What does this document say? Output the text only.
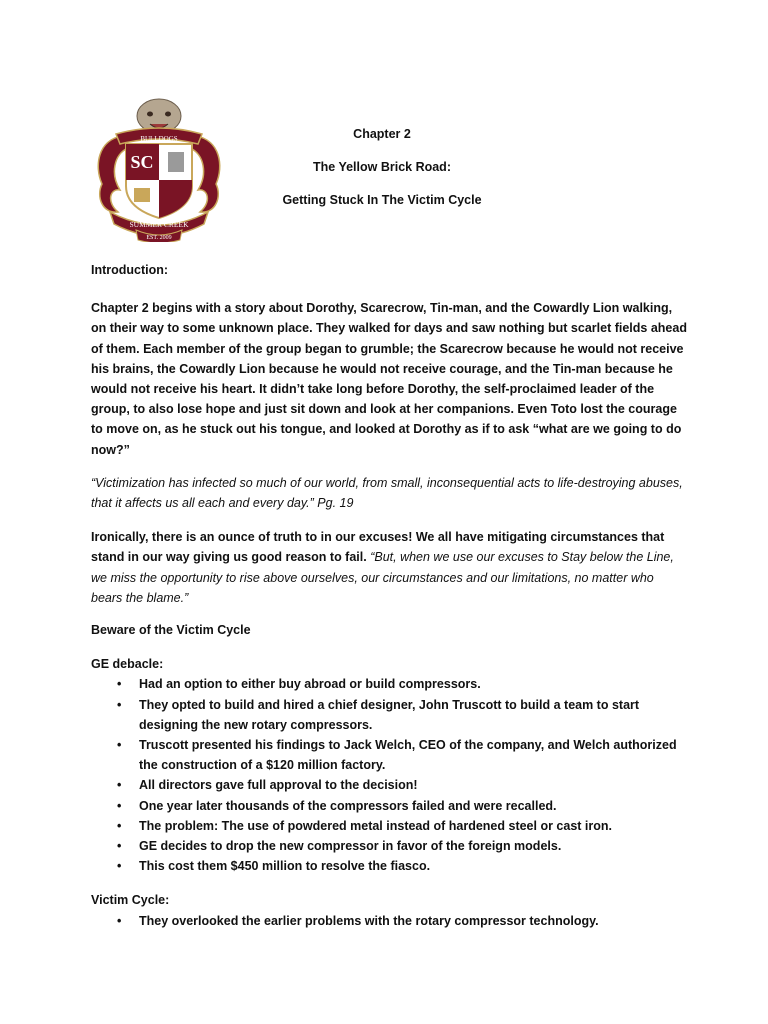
BULLDOGS
SC
SUMMER CREEK
EST. 2009
Chapter 2
The Yellow Brick Road:
Getting Stuck In The Victim Cycle

Introduction:

Chapter 2 begins with a story about Dorothy, Scarecrow, Tin-man, and the Cowardly Lion walking, on their way to some unknown place. They walked for days and saw nothing but scarlet fields ahead of them. Each member of the group began to grumble; the Scarecrow because he would not receive his brains, the Cowardly Lion because he would not receive courage, and the Tin-man because he would not receive his heart. It didn’t take long before Dorothy, the self-proclaimed leader of the group, to also lose hope and just sit down and look at her companions. Even Toto lost the courage to move on, as he stuck out his tongue, and looked at Dorothy as if to ask “what are we going to do now?”

“Victimization has infected so much of our world, from small, inconsequential acts to life-destroying abuses, that it affects us all each and every day.” Pg. 19

Ironically, there is an ounce of truth to in our excuses! We all have mitigating circumstances that stand in our way giving us good reason to fail. “But, when we use our excuses to Stay below the Line, we miss the opportunity to rise above ourselves, our circumstances and our limitations, no matter who bears the blame.”

Beware of the Victim Cycle

GE debacle:

• Had an option to either buy abroad or build compressors.
• They opted to build and hired a chief designer, John Truscott to build a team to start designing the new rotary compressors.
• Truscott presented his findings to Jack Welch, CEO of the company, and Welch authorized the construction of a $120 million factory.
• All directors gave full approval to the decision!
• One year later thousands of the compressors failed and were recalled.
• The problem: The use of powdered metal instead of hardened steel or cast iron.
• GE decides to drop the new compressor in favor of the foreign models.
• This cost them $450 million to resolve the fiasco.

Victim Cycle:

• They overlooked the earlier problems with the rotary compressor technology.
